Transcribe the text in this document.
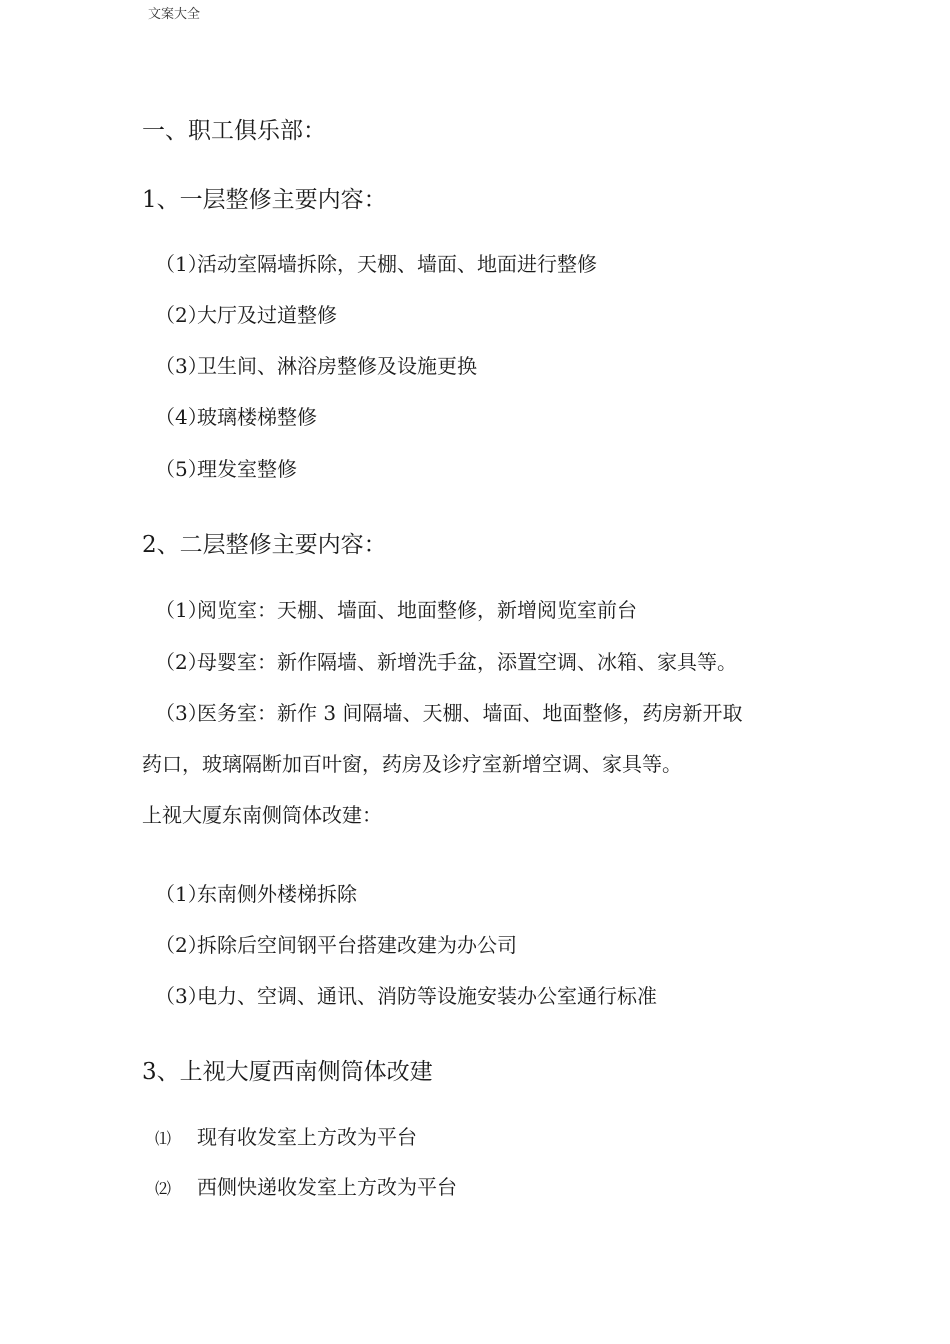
文案大全
一、职工俱乐部：
1、一层整修主要内容：
（1）活动室隔墙拆除，天棚、墙面、地面进行整修
（2）大厅及过道整修
（3）卫生间、淋浴房整修及设施更换
（4）玻璃楼梯整修
（5）理发室整修
2、二层整修主要内容：
（1）阅览室：天棚、墙面、地面整修，新增阅览室前台
（2）母婴室：新作隔墙、新增洗手盆，添置空调、冰箱、家具等。
（3）医务室：新作 3 间隔墙、天棚、墙面、地面整修，药房新开取
药口，玻璃隔断加百叶窗，药房及诊疗室新增空调、家具等。
上视大厦东南侧筒体改建：
（1）东南侧外楼梯拆除
（2）拆除后空间钢平台搭建改建为办公司
（3）电力、空调、通讯、消防等设施安装办公室通行标准
3、上视大厦西南侧筒体改建
⑴ 现有收发室上方改为平台
⑵ 西侧快递收发室上方改为平台
